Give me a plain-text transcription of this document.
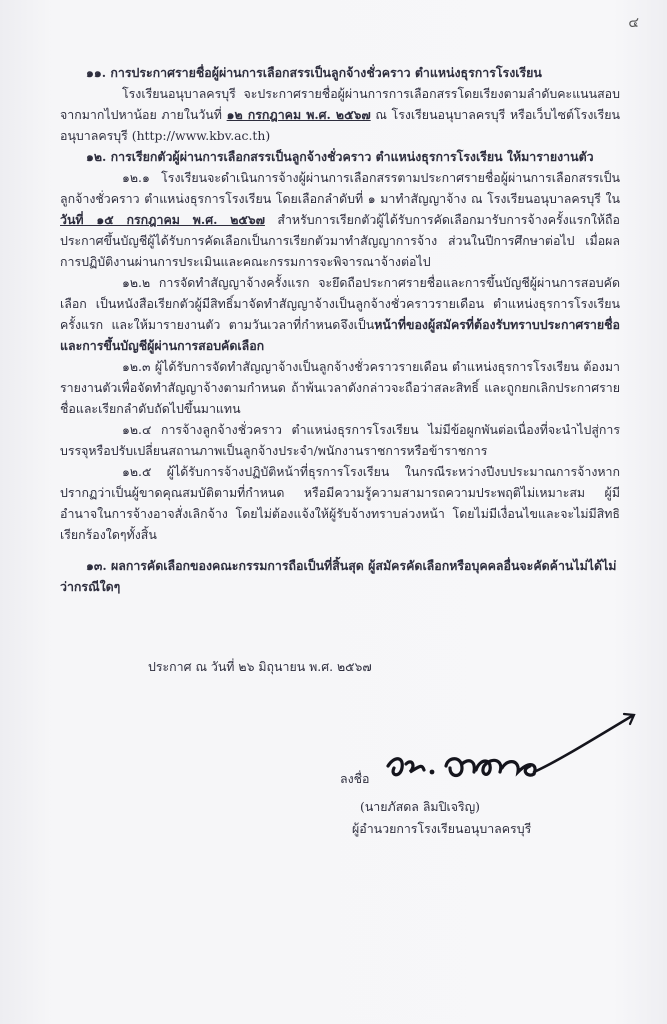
๔

๑๑. การประกาศรายชื่อผู้ผ่านการเลือกสรรเป็นลูกจ้างชั่วคราว ตำแหน่งธุรการโรงเรียน

โรงเรียนอนุบาลครบุรี จะประกาศรายชื่อผู้ผ่านการการเลือกสรรโดยเรียงตามลำดับคะแนนสอบจากมากไปหาน้อย ภายในวันที่ ๑๒ กรกฎาคม พ.ศ. ๒๕๖๗ ณ โรงเรียนอนุบาลครบุรี หรือเว็บไซต์โรงเรียนอนุบาลครบุรี (http://www.kbv.ac.th)

๑๒. การเรียกตัวผู้ผ่านการเลือกสรรเป็นลูกจ้างชั่วคราว ตำแหน่งธุรการโรงเรียน ให้มารายงานตัว

๑๒.๑ โรงเรียนจะดำเนินการจ้างผู้ผ่านการเลือกสรรตามประกาศรายชื่อผู้ผ่านการเลือกสรรเป็นลูกจ้างชั่วคราว ตำแหน่งธุรการโรงเรียน โดยเลือกลำดับที่ ๑ มาทำสัญญาจ้าง ณ โรงเรียนอนุบาลครบุรี ใน วันที่ ๑๕ กรกฎาคม พ.ศ. ๒๕๖๗ สำหรับการเรียกตัวผู้ได้รับการคัดเลือกมารับการจ้างครั้งแรกให้ถือประกาศขึ้นบัญชีผู้ได้รับการคัดเลือกเป็นการเรียกตัวมาทำสัญญาการจ้าง ส่วนในปีการศึกษาต่อไป เมื่อผลการปฏิบัติงานผ่านการประเมินและคณะกรรมการจะพิจารณาจ้างต่อไป

๑๒.๒ การจัดทำสัญญาจ้างครั้งแรก จะยึดถือประกาศรายชื่อและการขึ้นบัญชีผู้ผ่านการสอบคัดเลือก เป็นหนังสือเรียกตัวผู้มีสิทธิ์มาจัดทำสัญญาจ้างเป็นลูกจ้างชั่วคราวรายเดือน ตำแหน่งธุรการโรงเรียนครั้งแรก และให้มารายงานตัว ตามวันเวลาที่กำหนดจึงเป็นหน้าที่ของผู้สมัครที่ต้องรับทราบประกาศรายชื่อ และการขึ้นบัญชีผู้ผ่านการสอบคัดเลือก

๑๒.๓ ผู้ได้รับการจัดทำสัญญาจ้างเป็นลูกจ้างชั่วคราวรายเดือน ตำแหน่งธุรการโรงเรียน ต้องมารายงานตัวเพื่อจัดทำสัญญาจ้างตามกำหนด ถ้าพ้นเวลาดังกล่าวจะถือว่าสละสิทธิ์ และถูกยกเลิกประกาศรายชื่อและเรียกลำดับถัดไปขึ้นมาแทน

๑๒.๔ การจ้างลูกจ้างชั่วคราว ตำแหน่งธุรการโรงเรียน ไม่มีข้อผูกพันต่อเนื่องที่จะนำไปสู่การบรรจุหรือปรับเปลี่ยนสถานภาพเป็นลูกจ้างประจำ/พนักงานราชการหรือข้าราชการ

๑๒.๕ ผู้ได้รับการจ้างปฏิบัติหน้าที่ธุรการโรงเรียน ในกรณีระหว่างปีงบประมาณการจ้างหากปรากฏว่าเป็นผู้ขาดคุณสมบัติตามที่กำหนด หรือมีความรู้ความสามารถความประพฤติไม่เหมาะสม ผู้มีอำนาจในการจ้างอาจสั่งเลิกจ้าง โดยไม่ต้องแจ้งให้ผู้รับจ้างทราบล่วงหน้า โดยไม่มีเงื่อนไขและจะไม่มีสิทธิเรียกร้องใดๆทั้งสิ้น

๑๓. ผลการคัดเลือกของคณะกรรมการถือเป็นที่สิ้นสุด ผู้สมัครคัดเลือกหรือบุคคลอื่นจะคัดค้านไม่ได้ไม่ว่ากรณีใดๆ

ประกาศ ณ วันที่ ๒๖ มิถุนายน พ.ศ. ๒๕๖๗
ลงชื่อ
(นายภัสดล ลิมปิเจริญ)
ผู้อำนวยการโรงเรียนอนุบาลครบุรี
